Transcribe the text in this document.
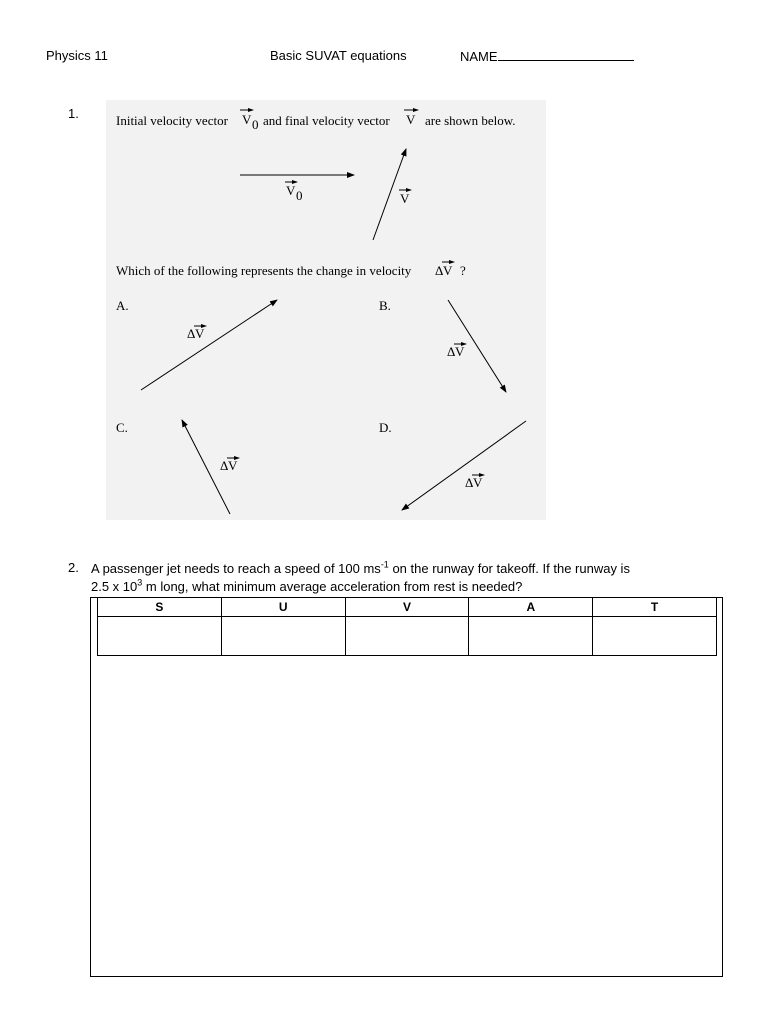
Physics 11	Basic SUVAT equations	NAME
1.	Initial velocity vector V 0 and final velocity vector V are shown below.
V 0	V
Which of the following represents the change in velocity Δ V ?
A.
Δ V
B.
Δ V
C.
Δ V
D.
Δ V
2. A passenger jet needs to reach a speed of 100 $ms^{-1}$ on the runway for takeoff. If the runway is
2.5 x $10^3$ m long, what minimum average acceleration from rest is needed?
S	U	V	A	T
